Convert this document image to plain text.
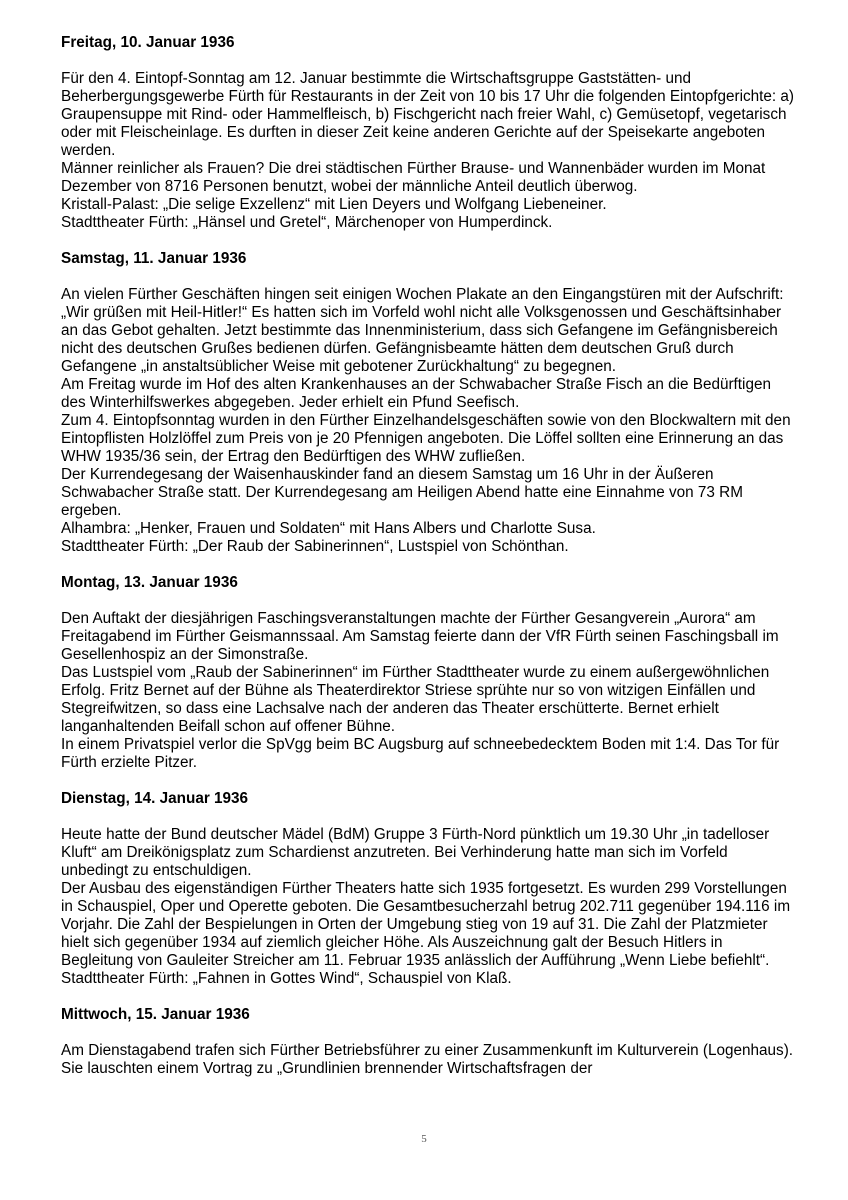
Freitag, 10. Januar 1936

Für den 4. Eintopf-Sonntag am 12. Januar bestimmte die Wirtschaftsgruppe Gaststätten- und Beherbergungsgewerbe Fürth für Restaurants in der Zeit von 10 bis 17 Uhr die folgenden Eintopfgerichte: a) Graupensuppe mit Rind- oder Hammelfleisch, b) Fischgericht nach freier Wahl, c) Gemüsetopf, vegetarisch oder mit Fleischeinlage. Es durften in dieser Zeit keine anderen Gerichte auf der Speisekarte angeboten werden.

Männer reinlicher als Frauen? Die drei städtischen Fürther Brause- und Wannenbäder wurden im Monat Dezember von 8716 Personen benutzt, wobei der männliche Anteil deutlich überwog.

Kristall-Palast: „Die selige Exzellenz“ mit Lien Deyers und Wolfgang Liebeneiner.

Stadttheater Fürth: „Hänsel und Gretel“, Märchenoper von Humperdinck.

Samstag, 11. Januar 1936

An vielen Fürther Geschäften hingen seit einigen Wochen Plakate an den Eingangstüren mit der Aufschrift: „Wir grüßen mit Heil-Hitler!“ Es hatten sich im Vorfeld wohl nicht alle Volksgenossen und Geschäftsinhaber an das Gebot gehalten. Jetzt bestimmte das Innenministerium, dass sich Gefangene im Gefängnisbereich nicht des deutschen Grußes bedienen dürfen. Gefängnisbeamte hätten dem deutschen Gruß durch Gefangene „in anstaltsüblicher Weise mit gebotener Zurückhaltung“ zu begegnen.

Am Freitag wurde im Hof des alten Krankenhauses an der Schwabacher Straße Fisch an die Bedürftigen des Winterhilfswerkes abgegeben. Jeder erhielt ein Pfund Seefisch.

Zum 4. Eintopfsonntag wurden in den Fürther Einzelhandelsgeschäften sowie von den Blockwaltern mit den Eintopflisten Holzlöffel zum Preis von je 20 Pfennigen angeboten. Die Löffel sollten eine Erinnerung an das WHW 1935/36 sein, der Ertrag den Bedürftigen des WHW zufließen.

Der Kurrendegesang der Waisenhauskinder fand an diesem Samstag um 16 Uhr in der Äußeren Schwabacher Straße statt. Der Kurrendegesang am Heiligen Abend hatte eine Einnahme von 73 RM ergeben.

Alhambra: „Henker, Frauen und Soldaten“ mit Hans Albers und Charlotte Susa.

Stadttheater Fürth: „Der Raub der Sabinerinnen“, Lustspiel von Schönthan.

Montag, 13. Januar 1936

Den Auftakt der diesjährigen Faschingsveranstaltungen machte der Fürther Gesangverein „Aurora“ am Freitagabend im Fürther Geismannssaal. Am Samstag feierte dann der VfR Fürth seinen Faschingsball im Gesellenhospiz an der Simonstraße.

Das Lustspiel vom „Raub der Sabinerinnen“ im Fürther Stadttheater wurde zu einem außergewöhnlichen Erfolg. Fritz Bernet auf der Bühne als Theaterdirektor Striese sprühte nur so von witzigen Einfällen und Stegreifwitzen, so dass eine Lachsalve nach der anderen das Theater erschütterte. Bernet erhielt langanhaltenden Beifall schon auf offener Bühne.

In einem Privatspiel verlor die SpVgg beim BC Augsburg auf schneebedecktem Boden mit 1:4. Das Tor für Fürth erzielte Pitzer.

Dienstag, 14. Januar 1936

Heute hatte der Bund deutscher Mädel (BdM) Gruppe 3 Fürth-Nord pünktlich um 19.30 Uhr „in tadelloser Kluft“ am Dreikönigsplatz zum Schardienst anzutreten. Bei Verhinderung hatte man sich im Vorfeld unbedingt zu entschuldigen.

Der Ausbau des eigenständigen Fürther Theaters hatte sich 1935 fortgesetzt. Es wurden 299 Vorstellungen in Schauspiel, Oper und Operette geboten. Die Gesamtbesucherzahl betrug 202.711 gegenüber 194.116 im Vorjahr. Die Zahl der Bespielungen in Orten der Umgebung stieg von 19 auf 31. Die Zahl der Platzmieter hielt sich gegenüber 1934 auf ziemlich gleicher Höhe. Als Auszeichnung galt der Besuch Hitlers in Begleitung von Gauleiter Streicher am 11. Februar 1935 anlässlich der Aufführung „Wenn Liebe befiehlt“.

Stadttheater Fürth: „Fahnen in Gottes Wind“, Schauspiel von Klaß.

Mittwoch, 15. Januar 1936

Am Dienstagabend trafen sich Fürther Betriebsführer zu einer Zusammenkunft im Kulturverein (Logenhaus). Sie lauschten einem Vortrag zu „Grundlinien brennender Wirtschaftsfragen der

5
